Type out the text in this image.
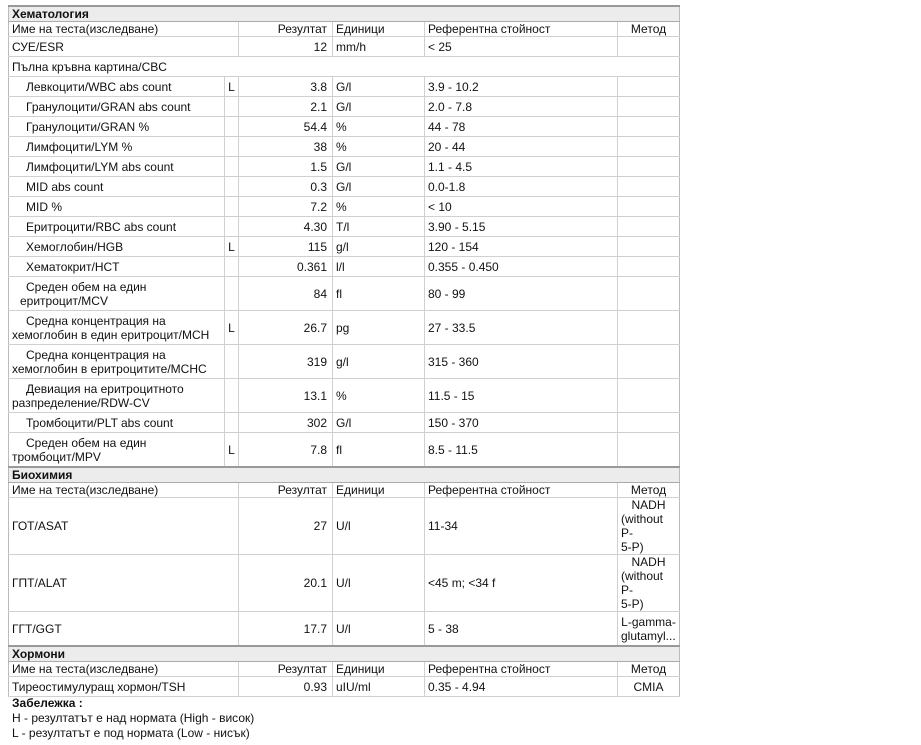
Хематология					
Име на теста(изследване)		Резултат	Единици	Референтна стойност	Метод
СУЕ/ESR		12	mm/h	< 25	
Пълна кръвна картина/CBC					
Левкоцити/WBC abs count	L	3.8	G/l	3.9 - 10.2	
Гранулоцити/GRAN abs count		2.1	G/l	2.0 - 7.8	
Гранулоцити/GRAN %		54.4	%	44 - 78	
Лимфоцити/LYM %		38	%	20 - 44	
Лимфоцити/LYM abs count		1.5	G/l	1.1 - 4.5	
MID abs count		0.3	G/l	0.0-1.8	
MID %		7.2	%	< 10	
Еритроцити/RBC abs count		4.30	T/l	3.90 - 5.15	
Хемоглобин/HGB	L	115	g/l	120 - 154	
Хематокрит/HCT		0.361	l/l	0.355 - 0.450	
Среден обем на един
еритроцит/MCV		84	fl	80 - 99	
Средна концентрация на
хемоглобин в един еритроцит/MCH	L	26.7	pg	27 - 33.5	
Средна концентрация на
хемоглобин в еритроцитите/MCHC		319	g/l	315 - 360	
Девиация на еритроцитното
разпределение/RDW-CV		13.1	%	11.5 - 15	
Тромбоцити/PLT abs count		302	G/l	150 - 370	
Среден обем на един
тромбоцит/MPV	L	7.8	fl	8.5 - 11.5	
Биохимия					
Име на теста(изследване)		Резултат	Единици	Референтна стойност	Метод
ГОТ/ASAT		27	U/l	11-34	NADH
(without P-
5-P)

ГПТ/ALAT		20.1	U/l	<45 m; <34 f	NADH
(without P-
5-P)

ГГТ/GGT		17.7	U/l	5 - 38	L-gamma-
glutamyl...

Хормони					
Име на теста(изследване)		Резултат	Единици	Референтна стойност	Метод
Тиреостимулуращ хормон/TSH		0.93	uIU/ml	0.35 - 4.94	CMIA
Забележка :
H - резултатът е над нормата (High - висок)
L - резултатът е под нормата (Low - нисък)
